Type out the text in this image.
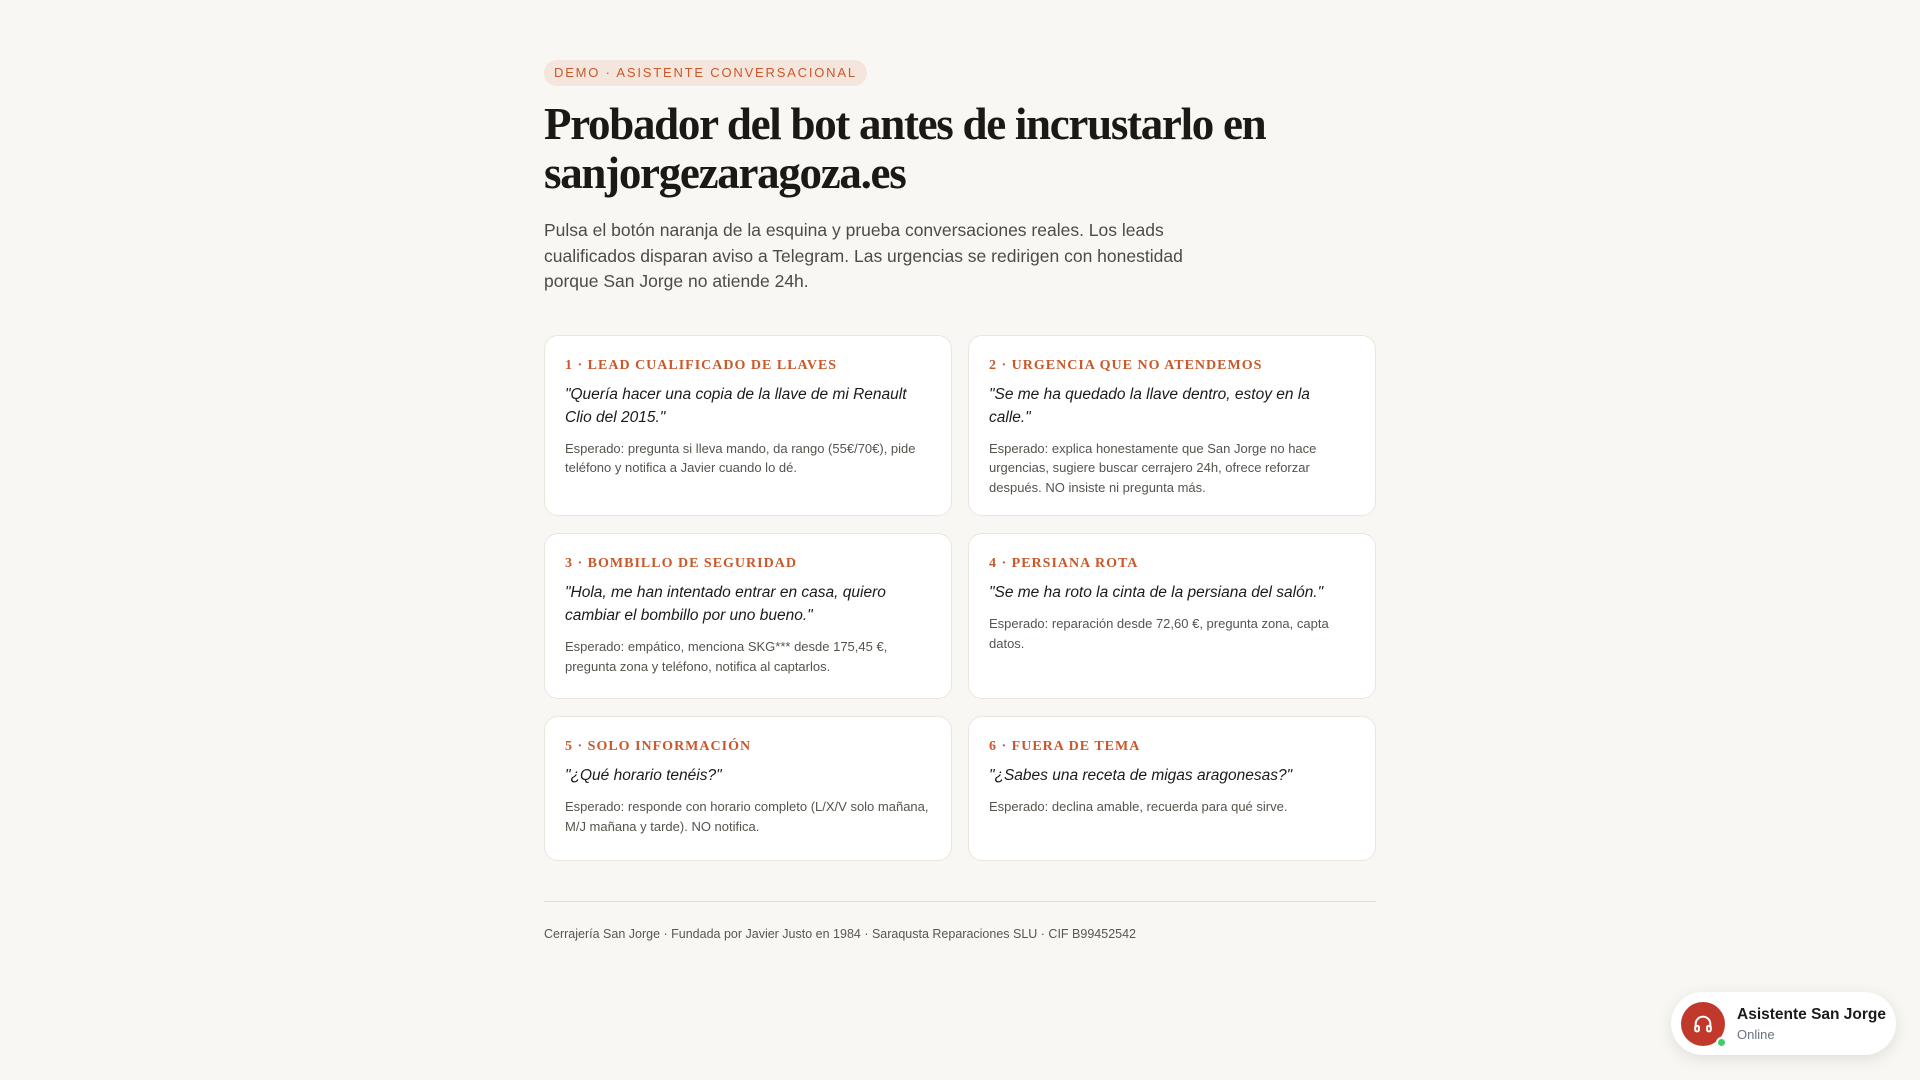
DEMO · ASISTENTE CONVERSACIONAL
Probador del bot antes de incrustarlo en sanjorgezaragoza.es

Pulsa el botón naranja de la esquina y prueba conversaciones reales. Los leads cualificados disparan aviso a Telegram. Las urgencias se redirigen con honestidad porque San Jorge no atiende 24h.

1 · LEAD CUALIFICADO DE LLAVES

"Quería hacer una copia de la llave de mi Renault Clio del 2015."

Esperado: pregunta si lleva mando, da rango (55€/70€), pide teléfono y notifica a Javier cuando lo dé.

2 · URGENCIA QUE NO ATENDEMOS

"Se me ha quedado la llave dentro, estoy en la calle."

Esperado: explica honestamente que San Jorge no hace urgencias, sugiere buscar cerrajero 24h, ofrece reforzar después. NO insiste ni pregunta más.

3 · BOMBILLO DE SEGURIDAD

"Hola, me han intentado entrar en casa, quiero cambiar el bombillo por uno bueno."

Esperado: empático, menciona SKG*** desde 175,45 €, pregunta zona y teléfono, notifica al captarlos.

4 · PERSIANA ROTA

"Se me ha roto la cinta de la persiana del salón."

Esperado: reparación desde 72,60 €, pregunta zona, capta datos.

5 · SOLO INFORMACIÓN

"¿Qué horario tenéis?"

Esperado: responde con horario completo (L/X/V solo mañana, M/J mañana y tarde). NO notifica.

6 · FUERA DE TEMA

"¿Sabes una receta de migas aragonesas?"

Esperado: declina amable, recuerda para qué sirve.

Cerrajería San Jorge · Fundada por Javier Justo en 1984 · Saraqusta Reparaciones SLU · CIF B99452542

Asistente San Jorge
Online
